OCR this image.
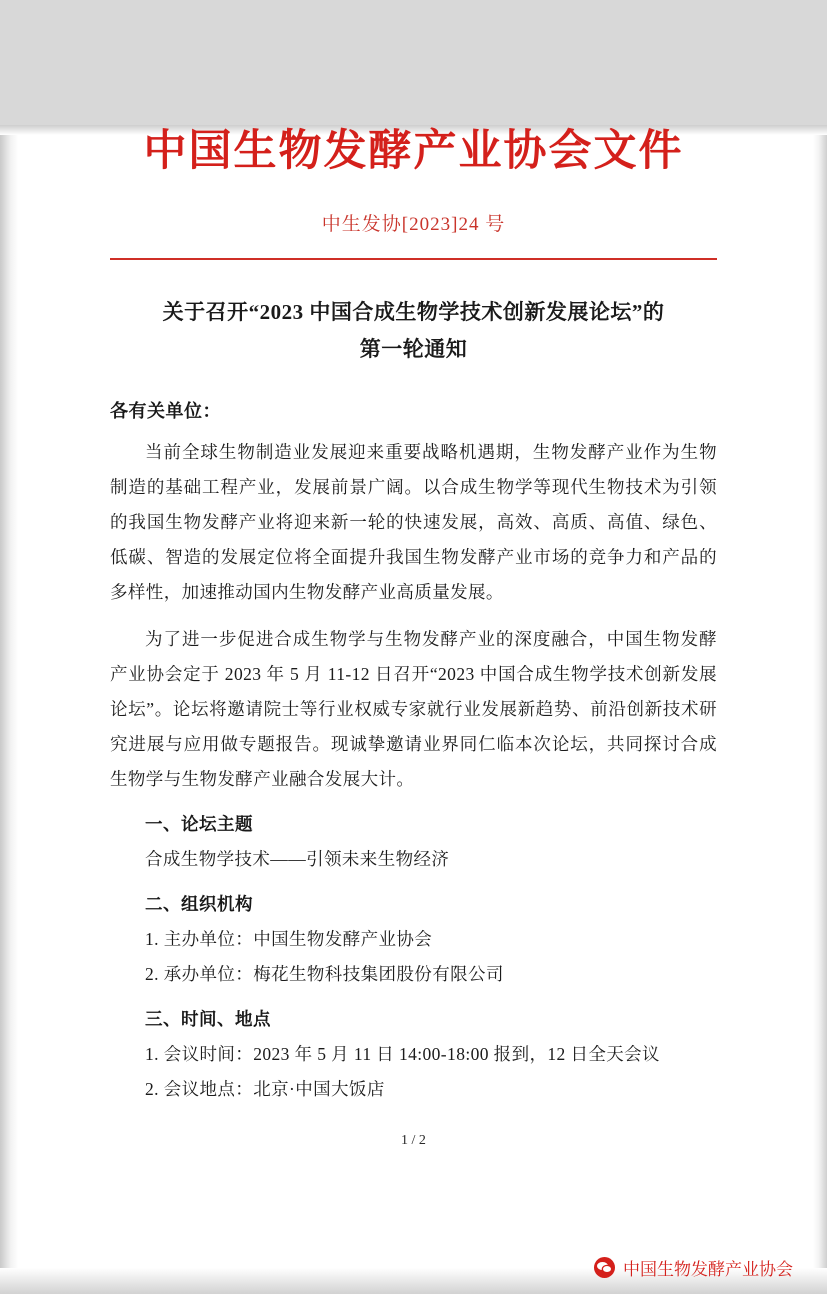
中国生物发酵产业协会文件
中生发协[2023]24 号
关于召开“2023 中国合成生物学技术创新发展论坛”的
第一轮通知
各有关单位：
当前全球生物制造业发展迎来重要战略机遇期，生物发酵产业作为生物制造的基础工程产业，发展前景广阔。以合成生物学等现代生物技术为引领的我国生物发酵产业将迎来新一轮的快速发展，高效、高质、高值、绿色、低碳、智造的发展定位将全面提升我国生物发酵产业市场的竞争力和产品的多样性，加速推动国内生物发酵产业高质量发展。
为了进一步促进合成生物学与生物发酵产业的深度融合，中国生物发酵产业协会定于 2023 年 5 月 11-12 日召开“2023 中国合成生物学技术创新发展论坛”。论坛将邀请院士等行业权威专家就行业发展新趋势、前沿创新技术研究进展与应用做专题报告。现诚挚邀请业界同仁临本次论坛，共同探讨合成生物学与生物发酵产业融合发展大计。
一、论坛主题
合成生物学技术——引领未来生物经济
二、组织机构
1. 主办单位：中国生物发酵产业协会
2. 承办单位：梅花生物科技集团股份有限公司
三、时间、地点
1. 会议时间：2023 年 5 月 11 日 14:00-18:00 报到，12 日全天会议
2. 会议地点：北京·中国大饭店
1 / 2
中国生物发酵产业协会
